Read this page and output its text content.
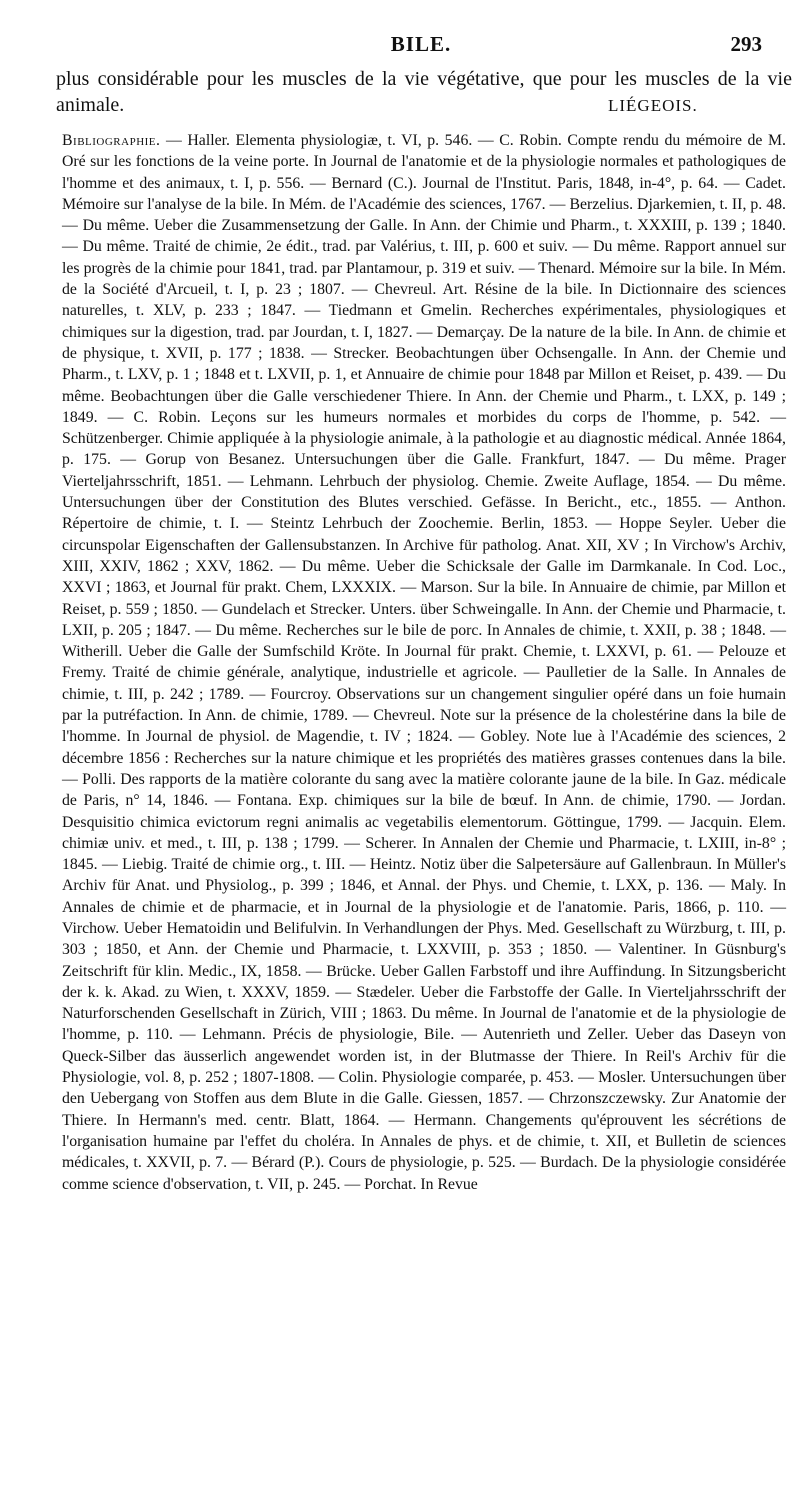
BILE.	293
plus considérable pour les muscles de la vie végétative, que pour les muscles de la vie animale.	LIÉGEOIS.

Bibliographie. — Haller. Elementa physiologiæ, t. VI, p. 546. — C. Robin. Compte rendu du mémoire de M. Oré sur les fonctions de la veine porte. In Journal de l'anatomie et de la physiologie normales et pathologiques de l'homme et des animaux, t. I, p. 556. — Bernard (C.). Journal de l'Institut. Paris, 1848, in-4°, p. 64. — Cadet. Mémoire sur l'analyse de la bile. In Mém. de l'Académie des sciences, 1767. — Berzelius. Djarkemien, t. II, p. 48. — Du même. Ueber die Zusammensetzung der Galle. In Ann. der Chimie und Pharm., t. XXXIII, p. 139 ; 1840. — Du même. Traité de chimie, 2e édit., trad. par Valérius, t. III, p. 600 et suiv. — Du même. Rapport annuel sur les progrès de la chimie pour 1841, trad. par Plantamour, p. 319 et suiv. — Thenard. Mémoire sur la bile. In Mém. de la Société d'Arcueil, t. I, p. 23 ; 1807. — Chevreul. Art. Résine de la bile. In Dictionnaire des sciences naturelles, t. XLV, p. 233 ; 1847. — Tiedmann et Gmelin. Recherches expérimentales, physiologiques et chimiques sur la digestion, trad. par Jourdan, t. I, 1827. — Demarçay. De la nature de la bile. In Ann. de chimie et de physique, t. XVII, p. 177 ; 1838. — Strecker. Beobachtungen über Ochsengalle. In Ann. der Chemie und Pharm., t. LXV, p. 1 ; 1848 et t. LXVII, p. 1, et Annuaire de chimie pour 1848 par Millon et Reiset, p. 439. — Du même. Beobachtungen über die Galle verschiedener Thiere. In Ann. der Chemie und Pharm., t. LXX, p. 149 ; 1849. — C. Robin. Leçons sur les humeurs normales et morbides du corps de l'homme, p. 542. — Schützenberger. Chimie appliquée à la physiologie animale, à la pathologie et au diagnostic médical. Année 1864, p. 175. — Gorup von Besanez. Untersuchungen über die Galle. Frankfurt, 1847. — Du même. Prager Vierteljahrsschrift, 1851. — Lehmann. Lehrbuch der physiolog. Chemie. Zweite Auflage, 1854. — Du même. Untersuchungen über der Constitution des Blutes verschied. Gefässe. In Bericht., etc., 1855. — Anthon. Répertoire de chimie, t. I. — Steintz Lehrbuch der Zoochemie. Berlin, 1853. — Hoppe Seyler. Ueber die circunspolar Eigenschaften der Gallensubstanzen. In Archive für patholog. Anat. XII, XV ; In Virchow's Archiv, XIII, XXIV, 1862 ; XXV, 1862. — Du même. Ueber die Schicksale der Galle im Darmkanale. In Cod. Loc., XXVI ; 1863, et Journal für prakt. Chem, LXXXIX. — Marson. Sur la bile. In Annuaire de chimie, par Millon et Reiset, p. 559 ; 1850. — Gundelach et Strecker. Unters. über Schweingalle. In Ann. der Chemie und Pharmacie, t. LXII, p. 205 ; 1847. — Du même. Recherches sur le bile de porc. In Annales de chimie, t. XXII, p. 38 ; 1848. — Witherill. Ueber die Galle der Sumfschild Kröte. In Journal für prakt. Chemie, t. LXXVI, p. 61. — Pelouze et Fremy. Traité de chimie générale, analytique, industrielle et agricole. — Paulletier de la Salle. In Annales de chimie, t. III, p. 242 ; 1789. — Fourcroy. Observations sur un changement singulier opéré dans un foie humain par la putréfaction. In Ann. de chimie, 1789. — Chevreul. Note sur la présence de la cholestérine dans la bile de l'homme. In Journal de physiol. de Magendie, t. IV ; 1824. — Gobley. Note lue à l'Académie des sciences, 2 décembre 1856 : Recherches sur la nature chimique et les propriétés des matières grasses contenues dans la bile. — Polli. Des rapports de la matière colorante du sang avec la matière colorante jaune de la bile. In Gaz. médicale de Paris, n° 14, 1846. — Fontana. Exp. chimiques sur la bile de bœuf. In Ann. de chimie, 1790. — Jordan. Desquisitio chimica evictorum regni animalis ac vegetabilis elementorum. Göttingue, 1799. — Jacquin. Elem. chimiæ univ. et med., t. III, p. 138 ; 1799. — Scherer. In Annalen der Chemie und Pharmacie, t. LXIII, in-8° ; 1845. — Liebig. Traité de chimie org., t. III. — Heintz. Notiz über die Salpetersäure auf Gallenbraun. In Müller's Archiv für Anat. und Physiolog., p. 399 ; 1846, et Annal. der Phys. und Chemie, t. LXX, p. 136. — Maly. In Annales de chimie et de pharmacie, et in Journal de la physiologie et de l'anatomie. Paris, 1866, p. 110. — Virchow. Ueber Hematoidin und Belifulvin. In Verhandlungen der Phys. Med. Gesellschaft zu Würzburg, t. III, p. 303 ; 1850, et Ann. der Chemie und Pharmacie, t. LXXVIII, p. 353 ; 1850. — Valentiner. In Güsnburg's Zeitschrift für klin. Medic., IX, 1858. — Brücke. Ueber Gallen Farbstoff und ihre Auffindung. In Sitzungsbericht der k. k. Akad. zu Wien, t. XXXV, 1859. — Stædeler. Ueber die Farbstoffe der Galle. In Vierteljahrsschrift der Naturforschenden Gesellschaft in Zürich, VIII ; 1863. Du même. In Journal de l'anatomie et de la physiologie de l'homme, p. 110. — Lehmann. Précis de physiologie, Bile. — Autenrieth und Zeller. Ueber das Daseyn von Queck-Silber das äusserlich angewendet worden ist, in der Blutmasse der Thiere. In Reil's Archiv für die Physiologie, vol. 8, p. 252 ; 1807-1808. — Colin. Physiologie comparée, p. 453. — Mosler. Untersuchungen über den Uebergang von Stoffen aus dem Blute in die Galle. Giessen, 1857. — Chrzonszczewsky. Zur Anatomie der Thiere. In Hermann's med. centr. Blatt, 1864. — Hermann. Changements qu'éprouvent les sécrétions de l'organisation humaine par l'effet du choléra. In Annales de phys. et de chimie, t. XII, et Bulletin de sciences médicales, t. XXVII, p. 7. — Bérard (P.). Cours de physiologie, p. 525. — Burdach. De la physiologie considérée comme science d'observation, t. VII, p. 245. — Porchat. In Revue
